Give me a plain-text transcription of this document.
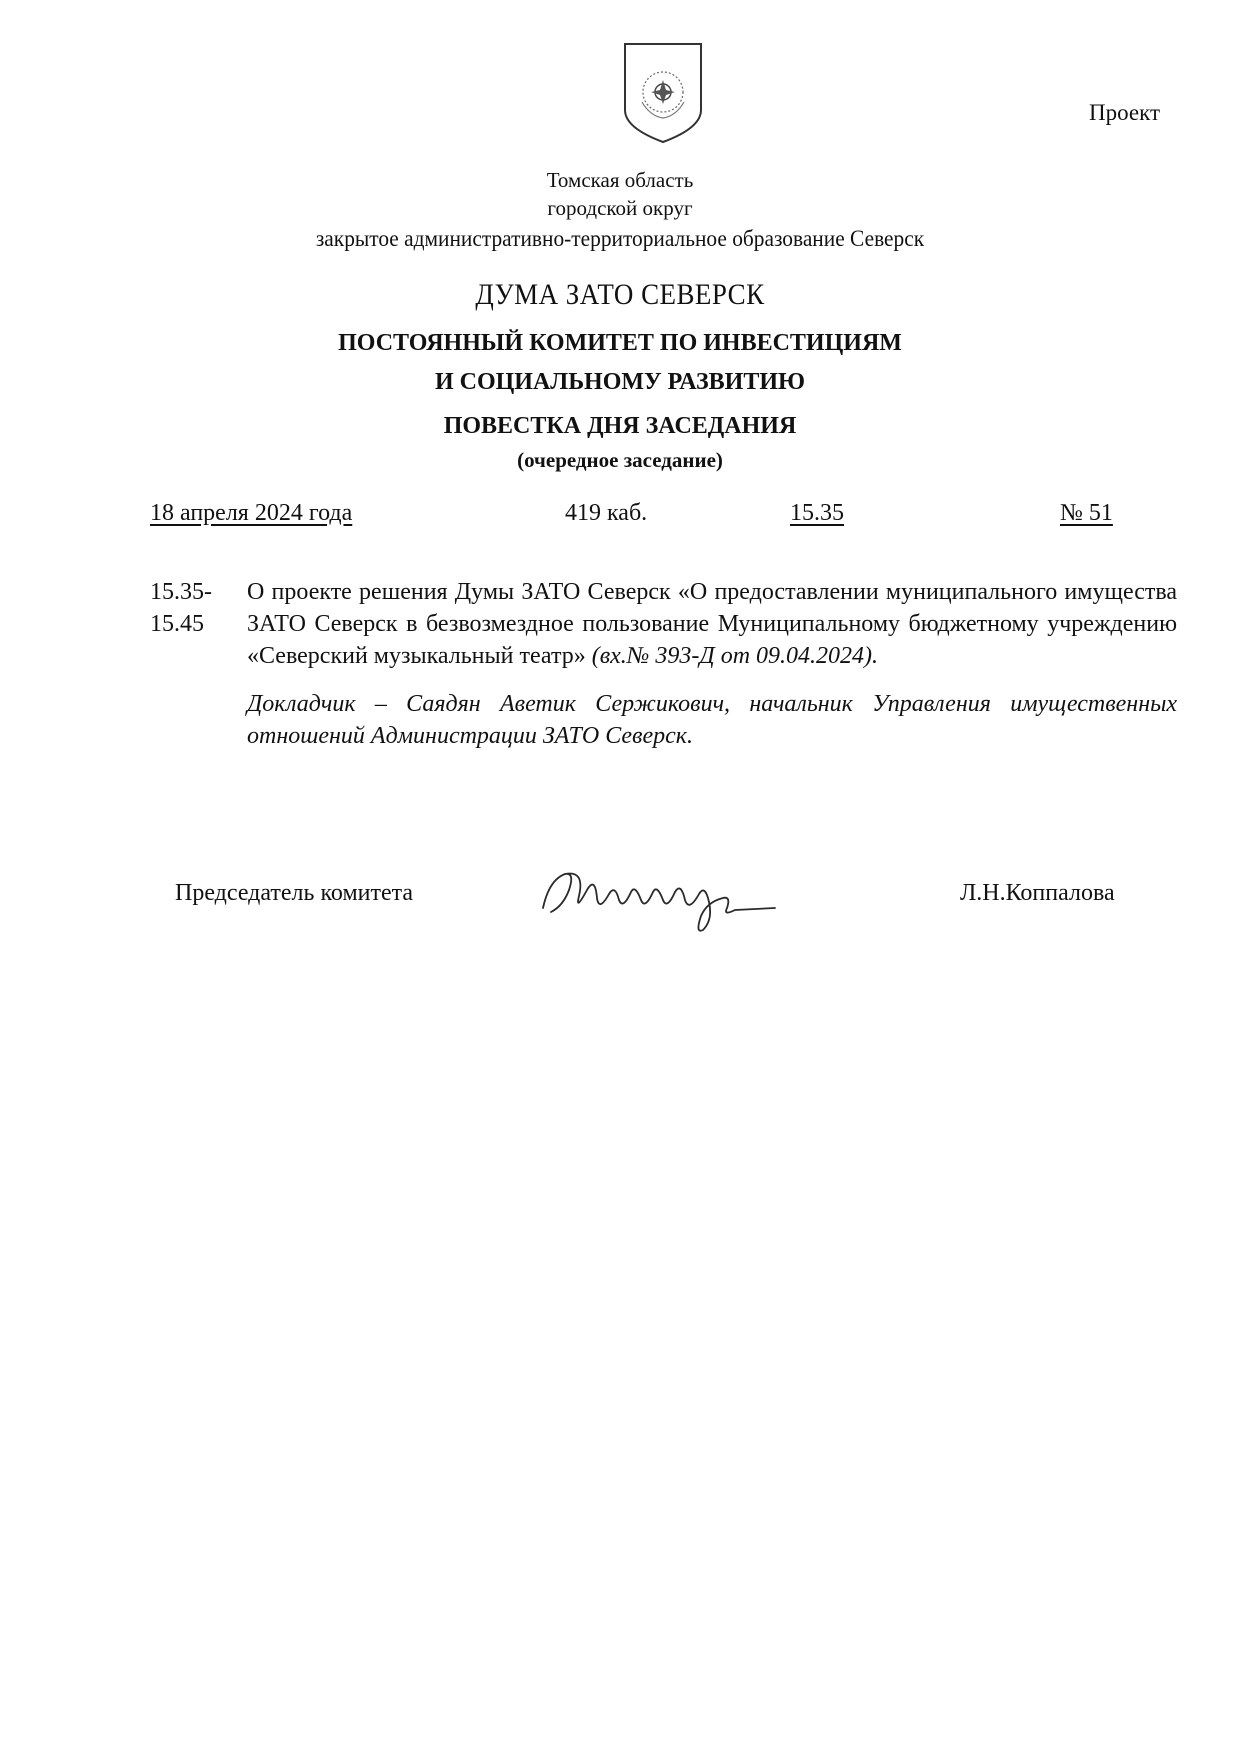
Проект
Томская область
городской округ
закрытое административно-территориальное образование Северск
ДУМА ЗАТО СЕВЕРСК
ПОСТОЯННЫЙ КОМИТЕТ ПО ИНВЕСТИЦИЯМ
И СОЦИАЛЬНОМУ РАЗВИТИЮ
ПОВЕСТКА ДНЯ ЗАСЕДАНИЯ
(очередное заседание)
18 апреля 2024 года	419 каб.	15.35	№ 51
15.35-
15.45

О проекте решения Думы ЗАТО Северск «О предоставлении муниципального имущества ЗАТО Северск в безвозмездное пользование Муниципальному бюджетному учреждению «Северский музыкальный театр» (вх.№ 393-Д от 09.04.2024).

Докладчик – Саядян Аветик Сержикович, начальник Управления имущественных отношений Администрации ЗАТО Северск.

Председатель комитета	Л.Н.Коппалова
